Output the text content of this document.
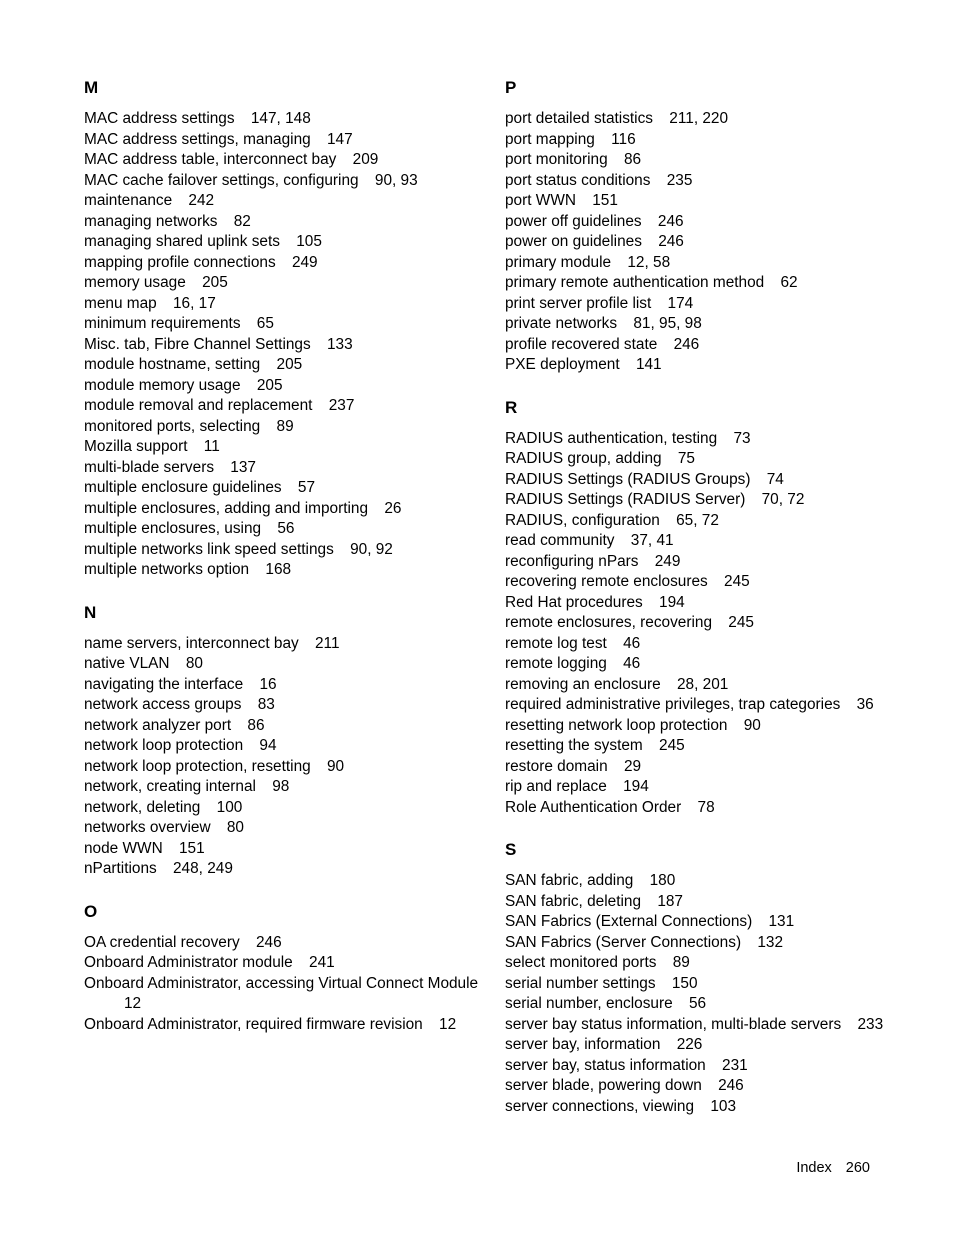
M
MAC address settings 147, 148
MAC address settings, managing 147
MAC address table, interconnect bay 209
MAC cache failover settings, configuring 90, 93
maintenance 242
managing networks 82
managing shared uplink sets 105
mapping profile connections 249
memory usage 205
menu map 16, 17
minimum requirements 65
Misc. tab, Fibre Channel Settings 133
module hostname, setting 205
module memory usage 205
module removal and replacement 237
monitored ports, selecting 89
Mozilla support 11
multi-blade servers 137
multiple enclosure guidelines 57
multiple enclosures, adding and importing 26
multiple enclosures, using 56
multiple networks link speed settings 90, 92
multiple networks option 168
N
name servers, interconnect bay 211
native VLAN 80
navigating the interface 16
network access groups 83
network analyzer port 86
network loop protection 94
network loop protection, resetting 90
network, creating internal 98
network, deleting 100
networks overview 80
node WWN 151
nPartitions 248, 249
O
OA credential recovery 246
Onboard Administrator module 241
Onboard Administrator, accessing Virtual Connect Module 12
Onboard Administrator, required firmware revision 12
P
port detailed statistics 211, 220
port mapping 116
port monitoring 86
port status conditions 235
port WWN 151
power off guidelines 246
power on guidelines 246
primary module 12, 58
primary remote authentication method 62
print server profile list 174
private networks 81, 95, 98
profile recovered state 246
PXE deployment 141
R
RADIUS authentication, testing 73
RADIUS group, adding 75
RADIUS Settings (RADIUS Groups) 74
RADIUS Settings (RADIUS Server) 70, 72
RADIUS, configuration 65, 72
read community 37, 41
reconfiguring nPars 249
recovering remote enclosures 245
Red Hat procedures 194
remote enclosures, recovering 245
remote log test 46
remote logging 46
removing an enclosure 28, 201
required administrative privileges, trap categories 36
resetting network loop protection 90
resetting the system 245
restore domain 29
rip and replace 194
Role Authentication Order 78
S
SAN fabric, adding 180
SAN fabric, deleting 187
SAN Fabrics (External Connections) 131
SAN Fabrics (Server Connections) 132
select monitored ports 89
serial number settings 150
serial number, enclosure 56
server bay status information, multi-blade servers 233
server bay, information 226
server bay, status information 231
server blade, powering down 246
server connections, viewing 103
Index 260
